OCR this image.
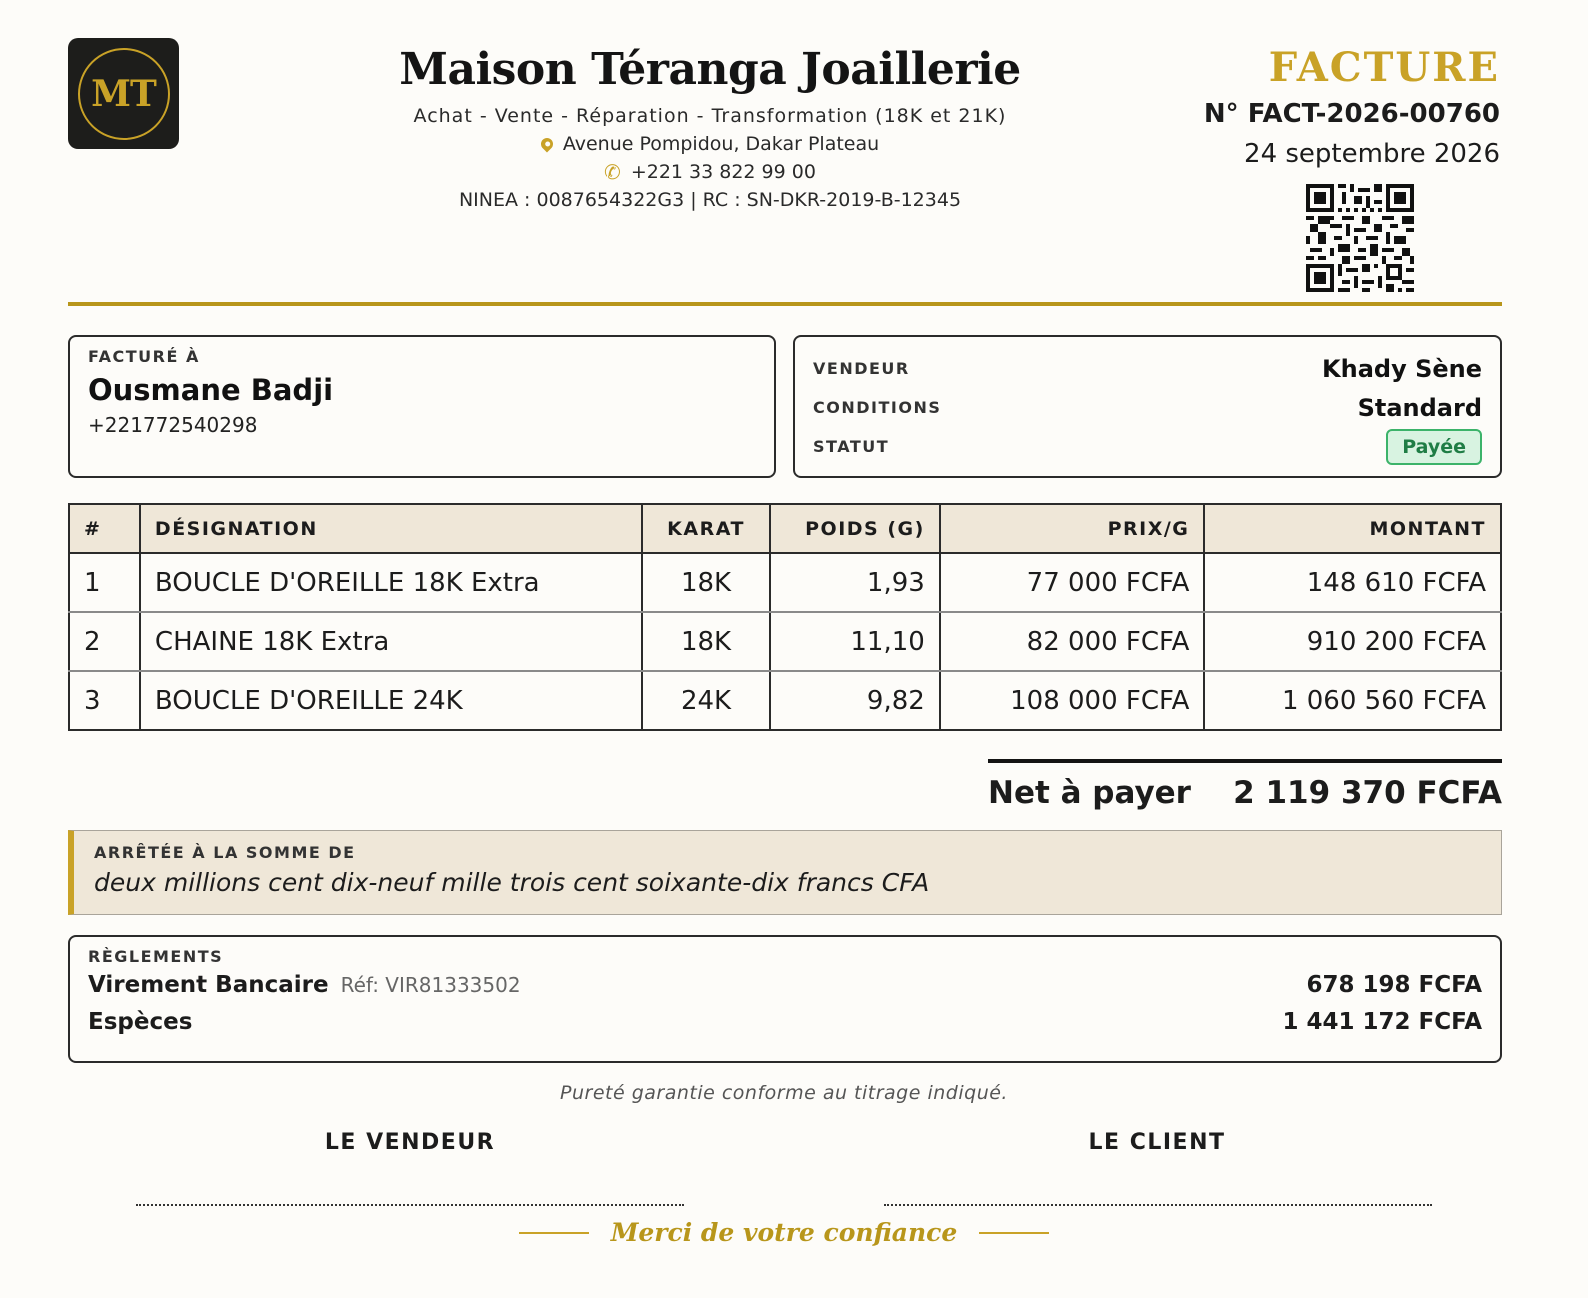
MT	Maison Téranga Joaillerie
Achat - Vente - Réparation - Transformation (18K et 21K)
Avenue Pompidou, Dakar Plateau
✆ +221 33 822 99 00
NINEA : 0087654322G3 | RC : SN-DKR-2019-B-12345
FACTURE
N° FACT-2026-00760
24 septembre 2026
FACTURÉ À
Ousmane Badji
+221772540298
VENDEUR	Khady Sène
CONDITIONS	Standard
STATUT	Payée
#	DÉSIGNATION	KARAT	POIDS (G)	PRIX/G	MONTANT
1	BOUCLE D'OREILLE 18K Extra	18K	1,93	77 000 FCFA	148 610 FCFA
2	CHAINE 18K Extra	18K	11,10	82 000 FCFA	910 200 FCFA
3	BOUCLE D'OREILLE 24K	24K	9,82	108 000 FCFA	1 060 560 FCFA
Net à payer 2 119 370 FCFA
ARRÊTÉE À LA SOMME DE
deux millions cent dix-neuf mille trois cent soixante-dix francs CFA
RÈGLEMENTS
Virement Bancaire Réf: VIR81333502	678 198 FCFA
Espèces	1 441 172 FCFA
Pureté garantie conforme au titrage indiqué.
LE VENDEUR	LE CLIENT
Merci de votre confiance
